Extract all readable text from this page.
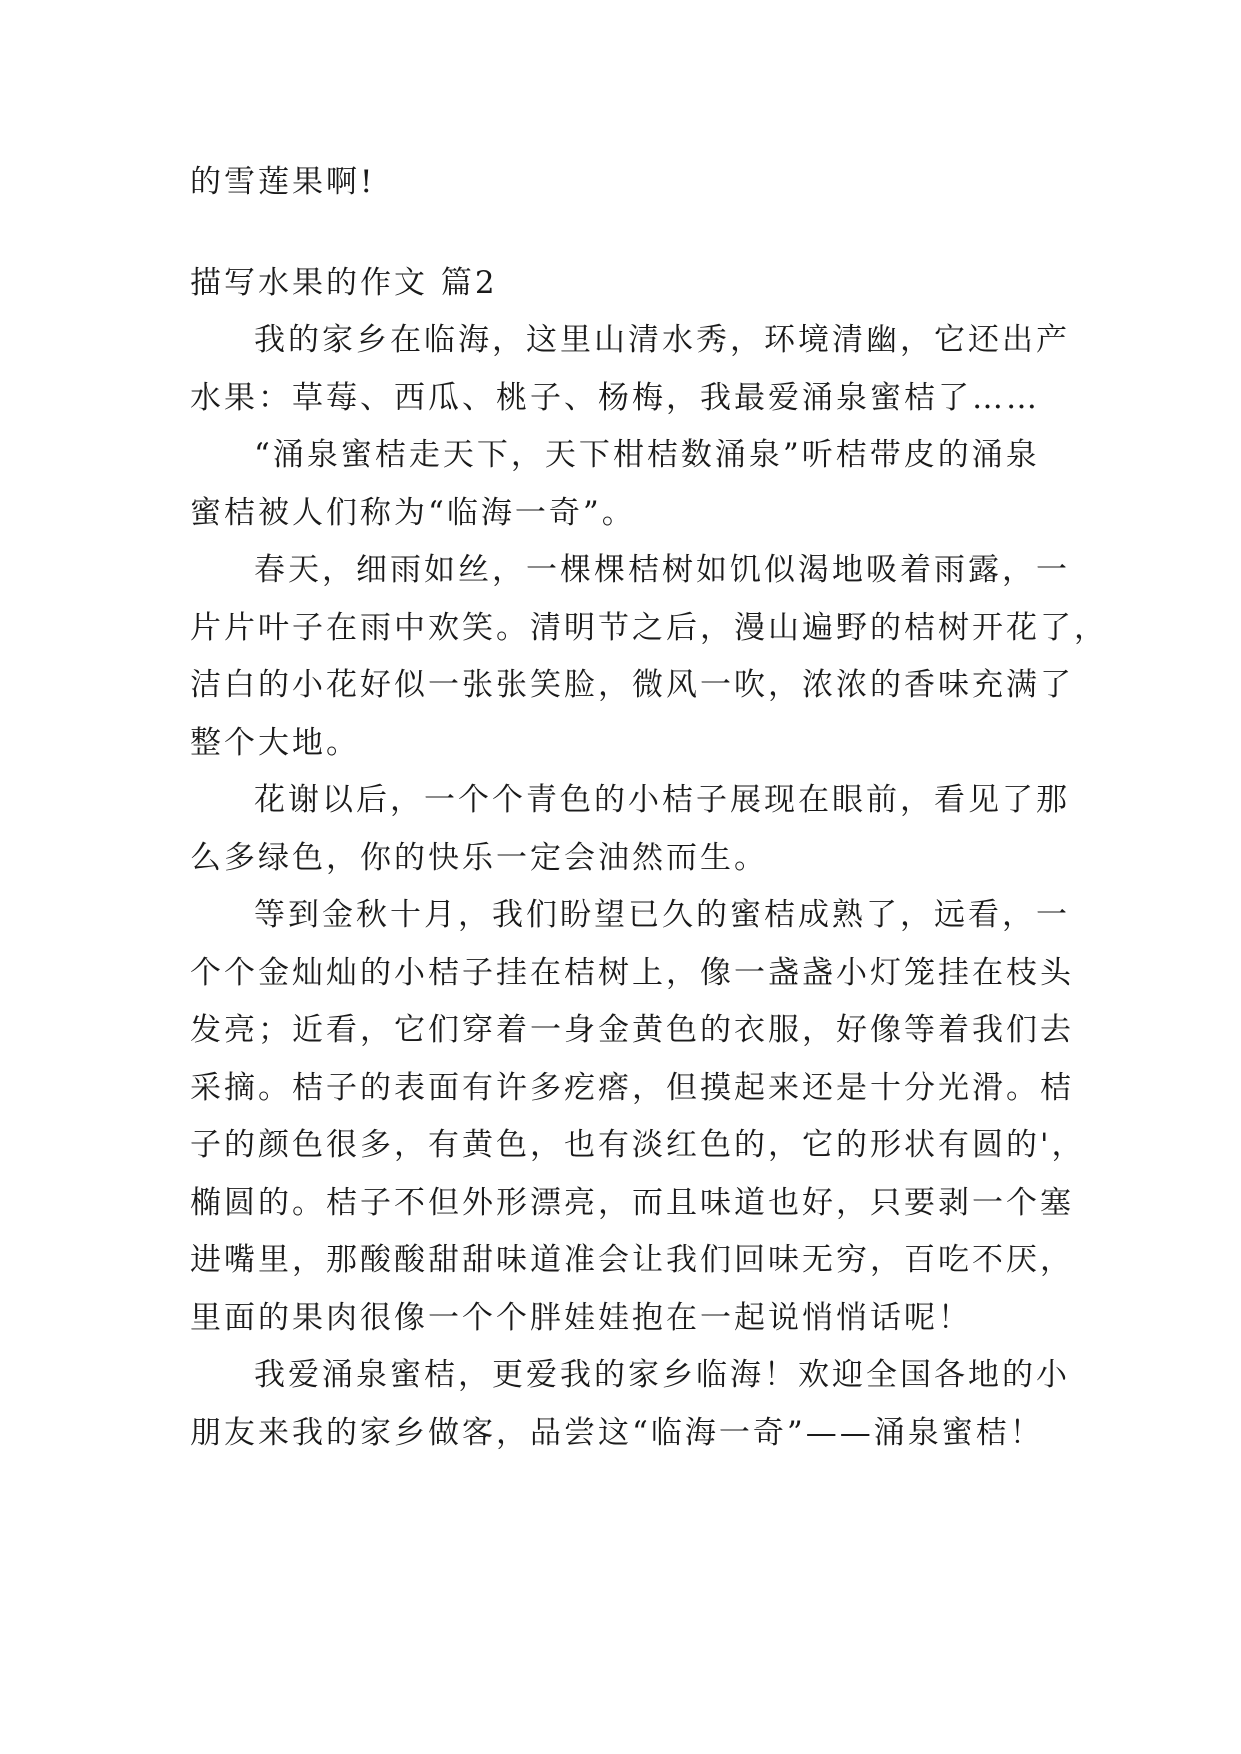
的雪莲果啊!
描写水果的作文 篇2
我的家乡在临海，这里山清水秀，环境清幽，它还出产
水果：草莓、西瓜、桃子、杨梅，我最爱涌泉蜜桔了……
“涌泉蜜桔走天下，天下柑桔数涌泉”听桔带皮的涌泉
蜜桔被人们称为“临海一奇”。
春天，细雨如丝，一棵棵桔树如饥似渴地吸着雨露，一
片片叶子在雨中欢笑。清明节之后，漫山遍野的桔树开花了，
洁白的小花好似一张张笑脸，微风一吹，浓浓的香味充满了
整个大地。
花谢以后，一个个青色的小桔子展现在眼前，看见了那
么多绿色，你的快乐一定会油然而生。
等到金秋十月，我们盼望已久的蜜桔成熟了，远看，一
个个金灿灿的小桔子挂在桔树上，像一盏盏小灯笼挂在枝头
发亮；近看，它们穿着一身金黄色的衣服，好像等着我们去
采摘。桔子的表面有许多疙瘩，但摸起来还是十分光滑。桔
子的颜色很多，有黄色，也有淡红色的，它的形状有圆的'，
椭圆的。桔子不但外形漂亮，而且味道也好，只要剥一个塞
进嘴里，那酸酸甜甜味道准会让我们回味无穷，百吃不厌，
里面的果肉很像一个个胖娃娃抱在一起说悄悄话呢！
我爱涌泉蜜桔，更爱我的家乡临海！欢迎全国各地的小
朋友来我的家乡做客，品尝这“临海一奇”——涌泉蜜桔！
